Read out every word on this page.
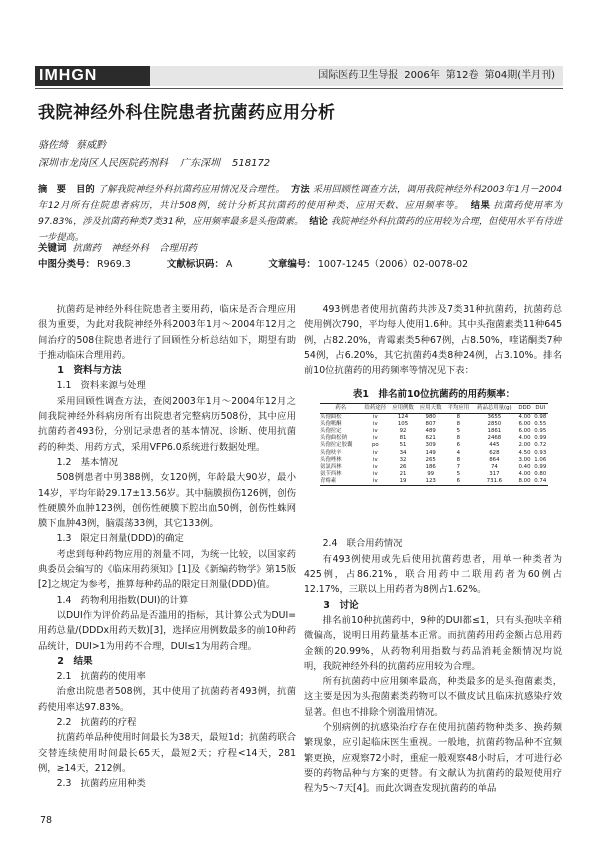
IMHGN	国际医药卫生导报 2006年 第12卷 第04期(半月刊)
我院神经外科住院患者抗菌药应用分析
骆佐绮 蔡威黔
深圳市龙岗区人民医院药剂科 广东深圳 518172
摘　要 目的 了解我院神经外科抗菌药应用情况及合理性。 方法 采用回顾性调查方法，调用我院神经外科2003年1月－2004年12月所有住院患者病历，共计508例，统计分析其抗菌药的使用种类、应用天数、应用频率等。 结果 抗菌药使用率为97.83%，涉及抗菌药种类7类31种，应用频率最多是头孢菌素。 结论 我院神经外科抗菌药的应用较为合理，但使用水平有待进一步提高。
关键词 抗菌药 神经外科 合理用药
中图分类号： R969.3	文献标识码： A	文章编号： 1007-1245（2006）02-0078-02

抗菌药是神经外科住院患者主要用药，临床是否合理应用很为重要，为此对我院神经外科2003年1月～2004年12月之间治疗的508住院患者进行了回顾性分析总结如下，期望有助于推动临床合理用药。

1　资料与方法
1.1　资料来源与处理

采用回顾性调查方法，查阅2003年1月～2004年12月之间我院神经外科病房所有出院患者完整病历508份，其中应用抗菌药者493份，分别记录患者的基本情况、诊断、使用抗菌药的种类、用药方式，采用VFP6.0系统进行数据处理。

1.2　基本情况

508例患者中男388例，女120例，年龄最大90岁，最小14岁，平均年龄29.17±13.56岁。其中脑膜损伤126例，创伤性硬膜外血肿123例，创伤性硬膜下腔出血50例，创伤性蛛网膜下血肿43例，脑震荡33例，其它133例。

1.3　限定日剂量(DDD)的确定

考虑到每种药物应用的剂量不同，为统一比较，以国家药典委员会编写的《临床用药须知》[1]及《新编药物学》第15版[2]之规定为参考，推算每种药品的限定日剂量(DDD)值。

1.4　药物利用指数(DUI)的计算

以DUI作为评价药品是否滥用的指标，其计算公式为DUI=用药总量/(DDDx用药天数)[3]，选择应用例数最多的前10种药品统计，DUI>1为用药不合理，DUI≤1为用药合理。

2　结果
2.1　抗菌药的使用率

治愈出院患者508例，其中使用了抗菌药者493例，抗菌药使用率达97.83%。

2.2　抗菌药的疗程

抗菌药单品种使用时间最长为38天，最短1d；抗菌药联合交替连续使用时间最长65天，最短2天；疗程<14天，281例，≥14天，212例。

2.3　抗菌药应用种类

493例患者使用抗菌药共涉及7类31种抗菌药，抗菌药总使用例次790，平均每人使用1.6种。其中头孢菌素类11种645例，占82.20%，青霉素类5种67例，占8.50%，喹诺酮类7种54例，占6.20%，其它抗菌药4类8种24例，占3.10%。排名前10位抗菌药的用药频率等情况见下表：

2.4　联合用药情况

有493例使用或先后使用抗菌药患者，用单一种类者为425例，占86.21%，联合用药中二联用药者为60例占12.17%，三联以上用药者为8例占1.62%。

3　讨论

排名前10种抗菌药中，9种的DUI都≤1，只有头孢呋辛稍微偏高，说明日用药量基本正常。而抗菌药用药金额占总用药金额的20.99%，从药物利用指数与药品消耗金额情况均说明，我院神经外科的抗菌药应用较为合理。

所有抗菌药中应用频率最高，种类最多的是头孢菌素类，这主要是因为头孢菌素类药物可以不做皮试且临床抗感染疗效显著。但也不排除个别滥用情况。

个别病例的抗感染治疗存在使用抗菌药物种类多、换药频繁现象，应引起临床医生重视。一般地，抗菌药物品种不宜频繁更换，应观察72小时，重症一般观察48小时后，才可进行必要的药物品种与方案的更替。有文献认为抗菌药的最短使用疗程为5～7天[4]。而此次调查发现抗菌药的单品

表1　排名前10位抗菌药的用药频率：
药名	给药途径	应用例数	应用天数	平均应用	药品总用量(g)	DDD	DUI
头孢曲松	iv	124	980	8	3655	4.00	0.98
头孢哌酮	iv	105	807	8	2850	6.00	0.55
头孢拉定	iv	92	489	5	1861	6.00	0.95
头孢曲松钠	iv	81	621	8	2468	4.00	0.99
头孢拉定胶囊	po	51	309	6	445	2.00	0.72
头孢呋辛	iv	34	149	4	628	4.50	0.93
头孢唑林	iv	32	265	8	864	3.00	1.06
氨氯西林	iv	26	186	7	74	0.40	0.99
氨苄西林	iv	21	99	5	317	4.00	0.80
青霉素	iv	19	123	6	731.6	8.00	0.74
78
